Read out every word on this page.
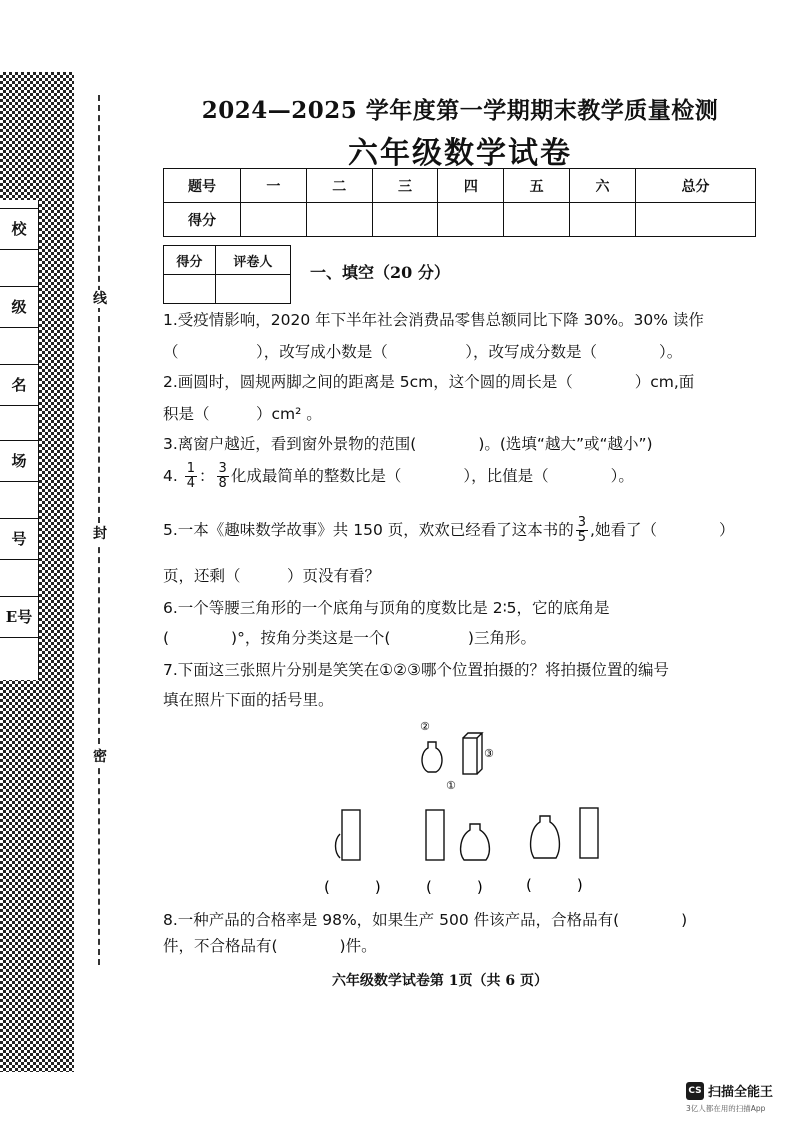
校
级
名
场
号
E号
线
封
密
2024—2025 学年度第一学期期末教学质量检测
六年级数学试卷
题号	一	二	三	四	五	六	总分
得分							
得分	评卷人

一、填空（20 分）
1.受疫情影响，2020 年下半年社会消费品零售总额同比下降 30%。30% 读作
（　　　　　），改写成小数是（　　　　　），改写成分数是（　　　　）。
2.画圆时，圆规两脚之间的距离是 5cm，这个圆的周长是（　　　　）cm,面
积是（　　　）cm² 。
3.离窗户越近，看到窗外景物的范围(　　　　)。(选填“越大”或“越小”)
4. $\frac{1}{4}$ ： $\frac{3}{8}$ 化成最简单的整数比是（　　　　），比值是（　　　　）。
5.一本《趣味数学故事》共 150 页，欢欢已经看了这本书的 $\frac{3}{5}$ ,她看了（　　　　）
页，还剩（　　　）页没有看？
6.一个等腰三角形的一个底角与顶角的度数比是 2∶5，它的底角是
(　　　　)°，按角分类这是一个(　　　　　)三角形。
7.下面这三张照片分别是笑笑在①②③哪个位置拍摄的？将拍摄位置的编号
填在照片下面的括号里。
②
③
①
(　　　)	(　　　)	(　　　)
8.一种产品的合格率是 98%，如果生产 500 件该产品，合格品有(　　　　)
件，不合格品有(　　　　)件。
六年级数学试卷第 1页（共 6 页）
CS 扫描全能王
3亿人都在用的扫描App
